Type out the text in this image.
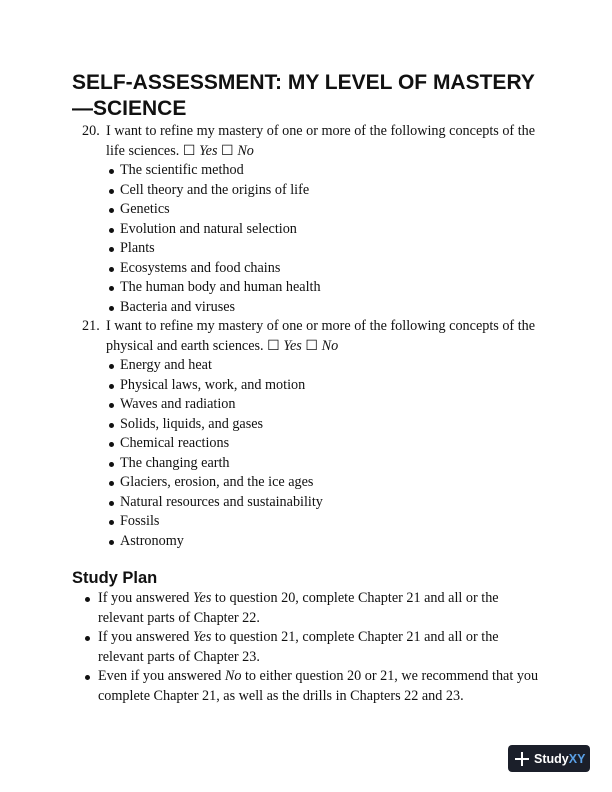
SELF-ASSESSMENT: MY LEVEL OF MASTERY —SCIENCE
20. I want to refine my mastery of one or more of the following concepts of the life sciences. ☐ Yes ☐ No
The scientific method
Cell theory and the origins of life
Genetics
Evolution and natural selection
Plants
Ecosystems and food chains
The human body and human health
Bacteria and viruses
21. I want to refine my mastery of one or more of the following concepts of the physical and earth sciences. ☐ Yes ☐ No
Energy and heat
Physical laws, work, and motion
Waves and radiation
Solids, liquids, and gases
Chemical reactions
The changing earth
Glaciers, erosion, and the ice ages
Natural resources and sustainability
Fossils
Astronomy
Study Plan
If you answered Yes to question 20, complete Chapter 21 and all or the relevant parts of Chapter 22.
If you answered Yes to question 21, complete Chapter 21 and all or the relevant parts of Chapter 23.
Even if you answered No to either question 20 or 21, we recommend that you complete Chapter 21, as well as the drills in Chapters 22 and 23.
Study XY
